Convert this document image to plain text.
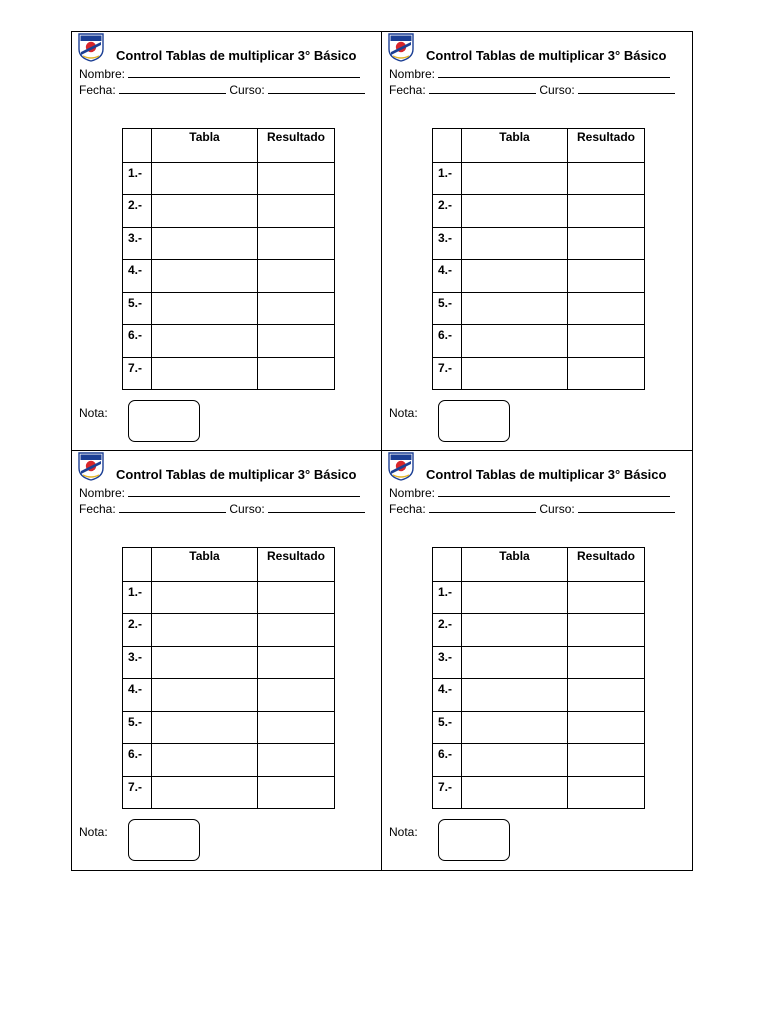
Control Tablas de multiplicar 3° Básico
Nombre:
Fecha:	Curso:
	Tabla	Resultado
1.-		
2.-		
3.-		
4.-		
5.-		
6.-		
7.-		
Nota:
Control Tablas de multiplicar 3° Básico
Nombre:
Fecha:	Curso:
	Tabla	Resultado
1.-		
2.-		
3.-		
4.-		
5.-		
6.-		
7.-		
Nota:
Control Tablas de multiplicar 3° Básico
Nombre:
Fecha:	Curso:
	Tabla	Resultado
1.-		
2.-		
3.-		
4.-		
5.-		
6.-		
7.-		
Nota:
Control Tablas de multiplicar 3° Básico
Nombre:
Fecha:	Curso:
	Tabla	Resultado
1.-		
2.-		
3.-		
4.-		
5.-		
6.-		
7.-		
Nota:
